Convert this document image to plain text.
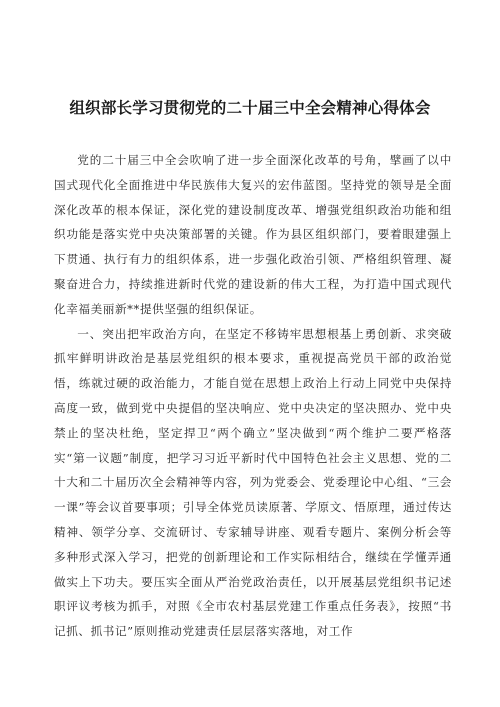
组织部长学习贯彻党的二十届三中全会精神心得体会

党的二十届三中全会吹响了进一步全面深化改革的号角，擘画了以中国式现代化全面推进中华民族伟大复兴的宏伟蓝图。坚持党的领导是全面深化改革的根本保证，深化党的建设制度改革、增强党组织政治功能和组织功能是落实党中央决策部署的关键。作为县区组织部门，要着眼建强上下贯通、执行有力的组织体系，进一步强化政治引领、严格组织管理、凝聚奋进合力，持续推进新时代党的建设新的伟大工程，为打造中国式现代化幸福美丽新**提供坚强的组织保证。

一、突出把牢政治方向，在坚定不移铸牢思想根基上勇创新、求突破抓牢鲜明讲政治是基层党组织的根本要求，重视提高党员干部的政治觉悟，练就过硬的政治能力，才能自觉在思想上政治上行动上同党中央保持高度一致，做到党中央提倡的坚决响应、党中央决定的坚决照办、党中央禁止的坚决杜绝，坚定捍卫“两个确立”坚决做到“两个维护二要严格落实“第一议题”制度，把学习习近平新时代中国特色社会主义思想、党的二十大和二十届历次全会精神等内容，列为党委会、党委理论中心组、“三会一课”等会议首要事项；引导全体党员读原著、学原文、悟原理，通过传达精神、领学分享、交流研讨、专家辅导讲座、观看专题片、案例分析会等多种形式深入学习，把党的创新理论和工作实际相结合，继续在学懂弄通做实上下功夫。要压实全面从严治党政治责任，以开展基层党组织书记述职评议考核为抓手，对照《全市农村基层党建工作重点任务表》，按照“书记抓、抓书记”原则推动党建责任层层落实落地，对工作
